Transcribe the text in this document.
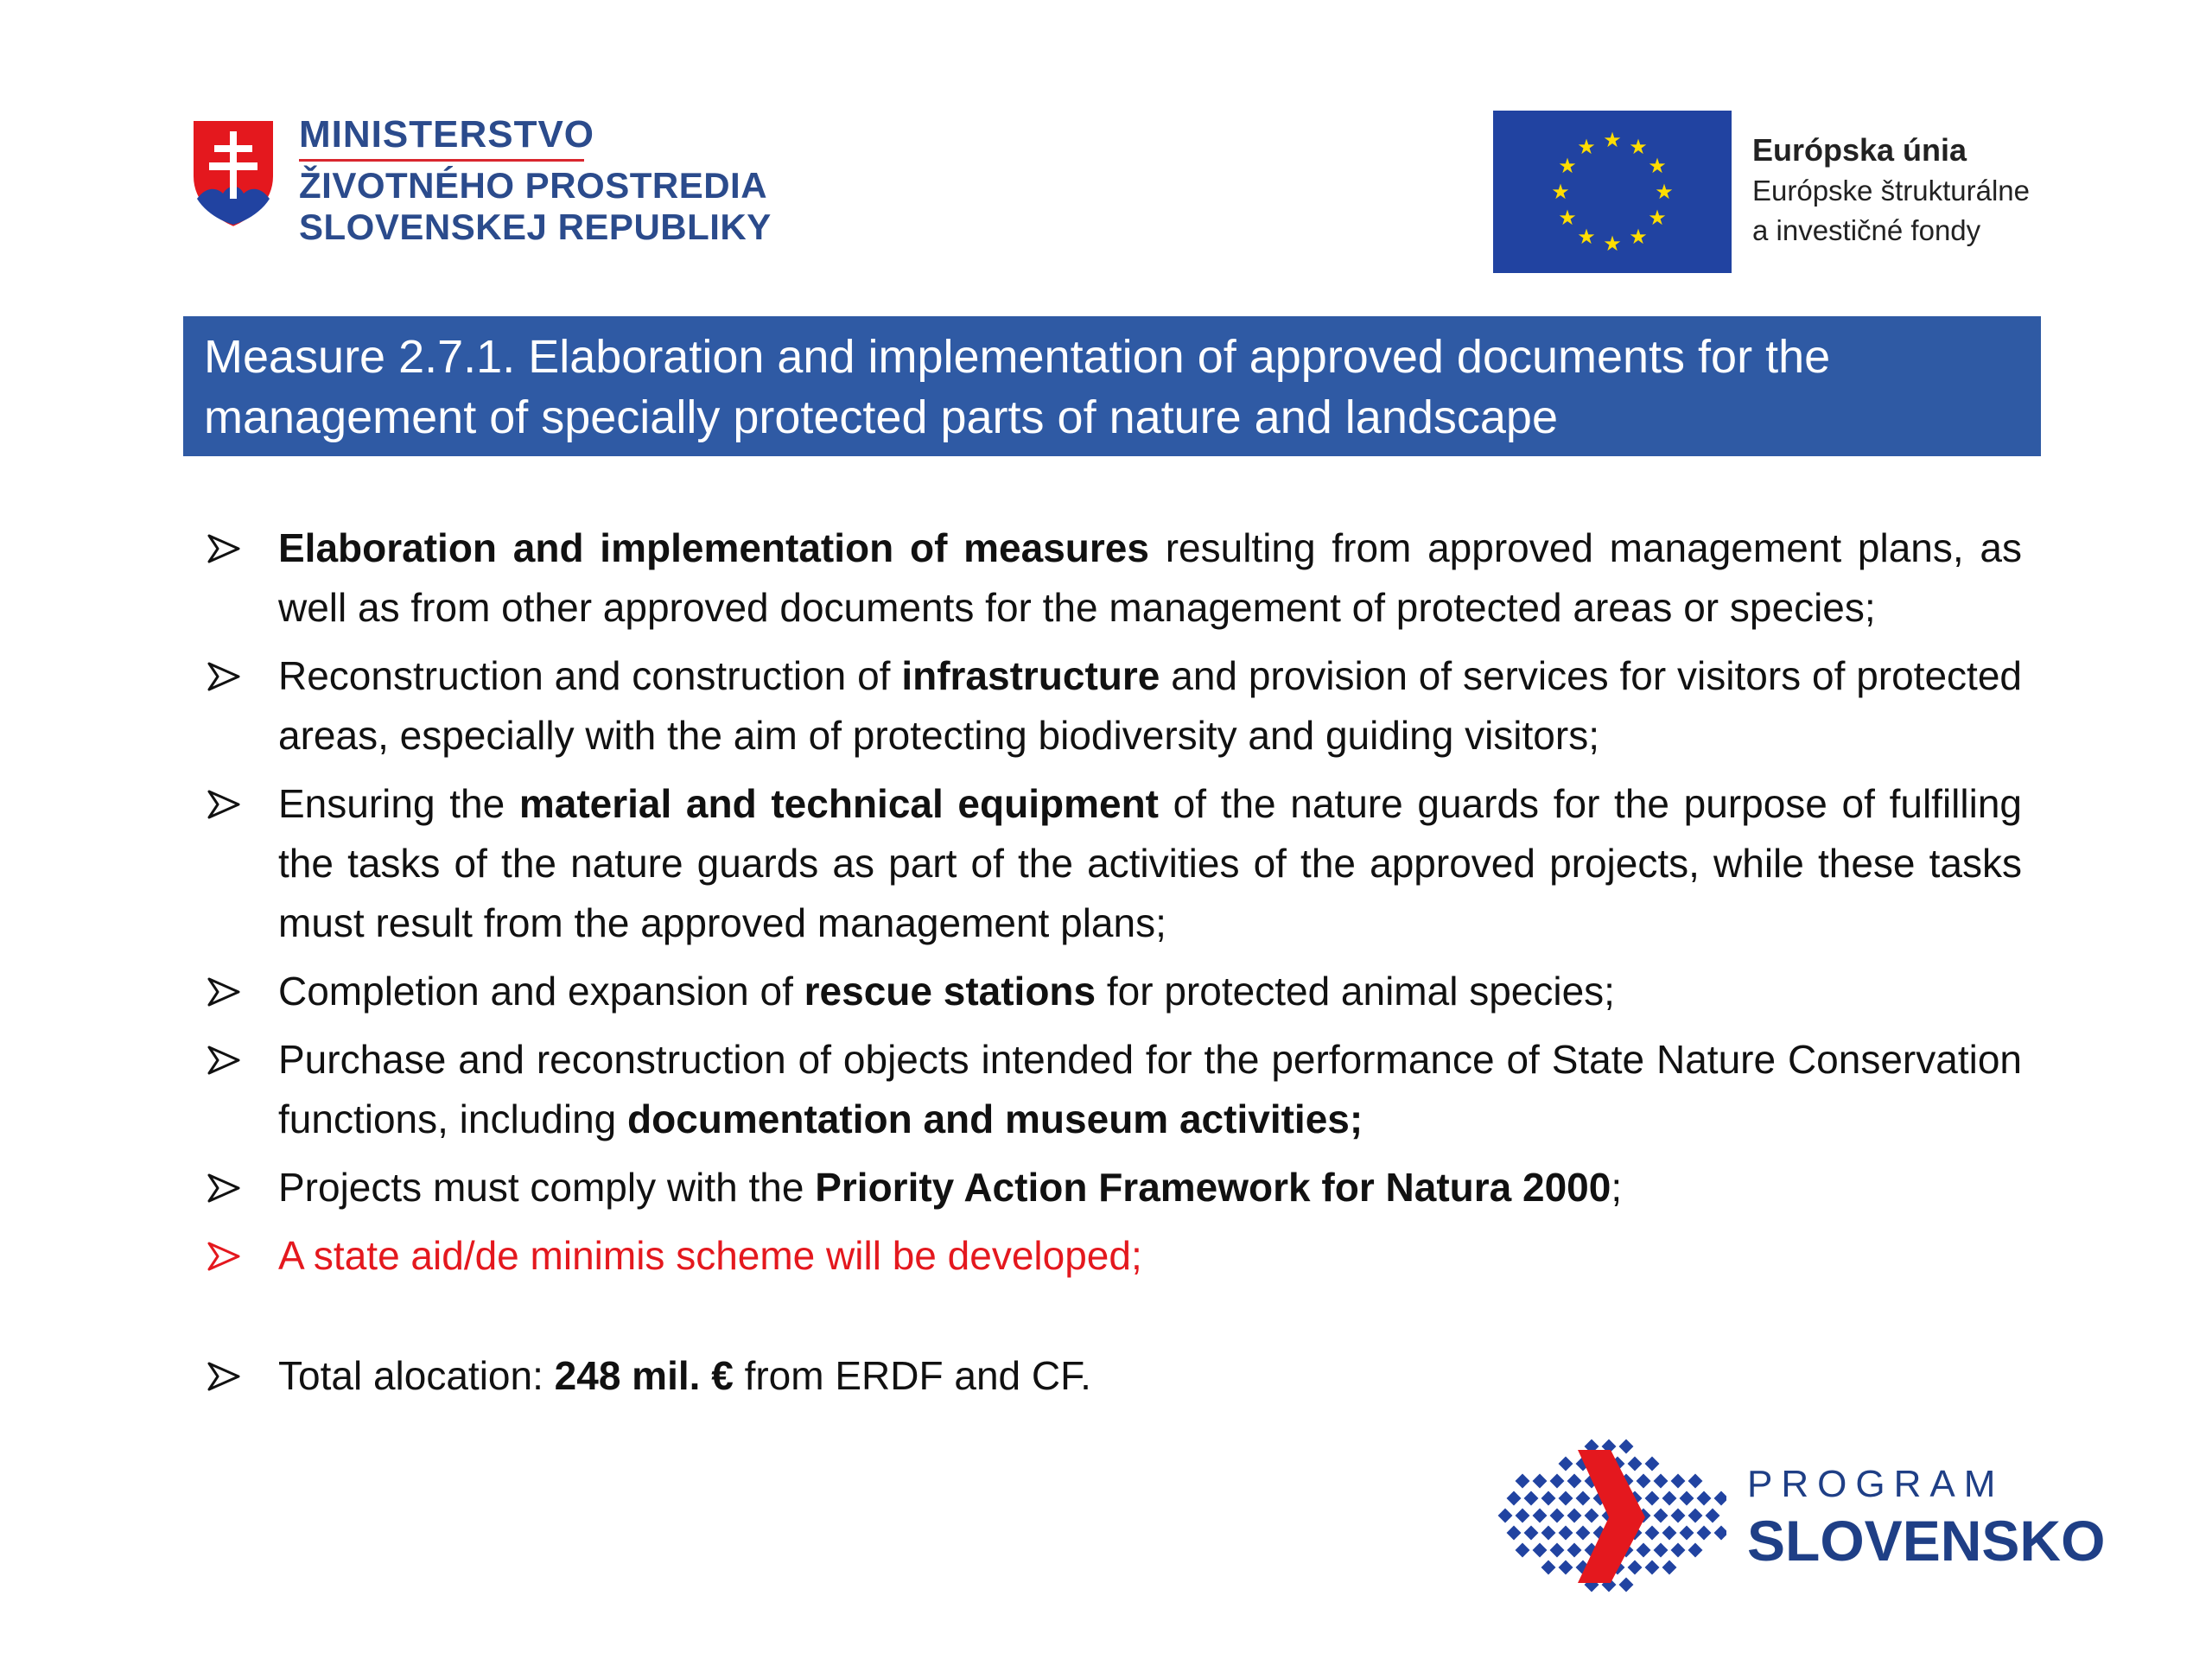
MINISTERSTVO
ŽIVOTNÉHO PROSTREDIA
SLOVENSKEJ REPUBLIKY
★ ★
★
★
★
★
★
★
★
★
★
★	Európska únia
Európske štrukturálne
a investičné fondy
Measure 2.7.1. Elaboration and implementation of approved documents for the management of specially protected parts of nature and landscape
Elaboration and implementation of measures resulting from approved management plans, as well as from other approved documents for the management of protected areas or species;
Reconstruction and construction of infrastructure and provision of services for visitors of protected areas, especially with the aim of protecting biodiversity and guiding visitors;
Ensuring the material and technical equipment of the nature guards for the purpose of fulfilling the tasks of the nature guards as part of the activities of the approved projects, while these tasks must result from the approved management plans;
Completion and expansion of rescue stations for protected animal species;
Purchase and reconstruction of objects intended for the performance of State Nature Conservation functions, including documentation and museum activities;
Projects must comply with the Priority Action Framework for Natura 2000;
A state aid/de minimis scheme will be developed;
Total alocation: 248 mil. € from ERDF and CF.
PROGRAM
SLOVENSKO
